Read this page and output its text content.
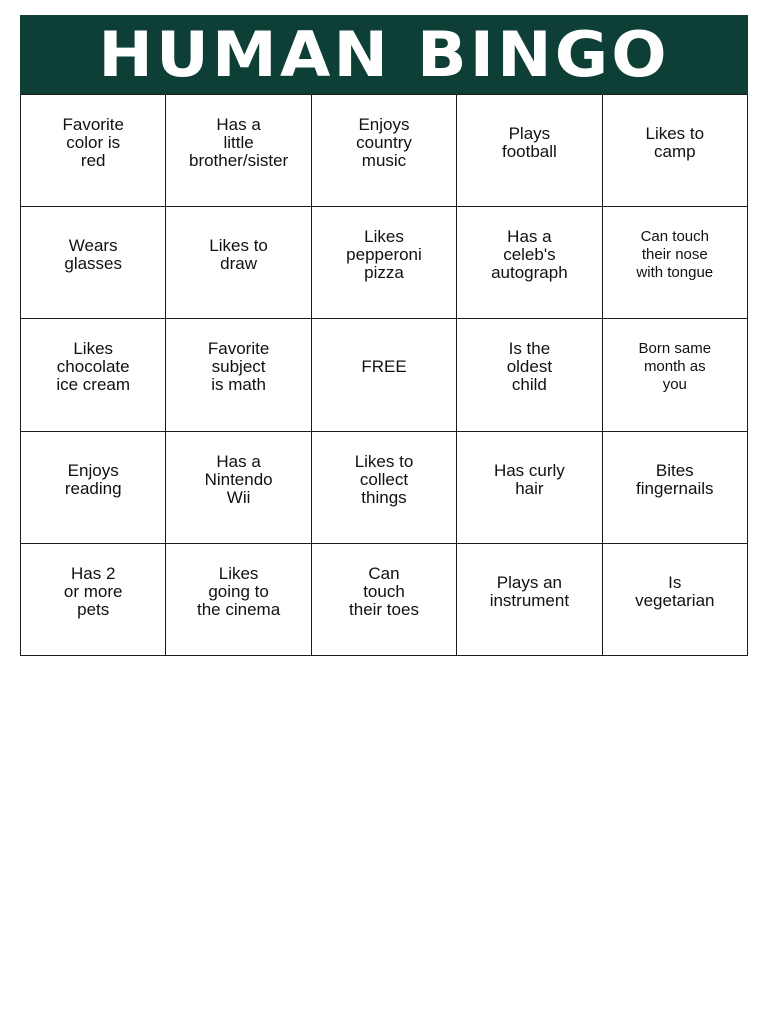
HUMAN BINGO
Favorite
color is
red
Has a
little
brother/sister
Enjoys
country
music
Plays
football
Likes to
camp
Wears
glasses
Likes to
draw
Likes
pepperoni
pizza
Has a
celeb's
autograph
Can touch
their nose
with tongue
Likes
chocolate
ice cream
Favorite
subject
is math
FREE
Is the
oldest
child
Born same
month as
you
Enjoys
reading
Has a
Nintendo
Wii
Likes to
collect
things
Has curly
hair
Bites
fingernails
Has 2
or more
pets
Likes
going to
the cinema
Can
touch
their toes
Plays an
instrument
Is
vegetarian
